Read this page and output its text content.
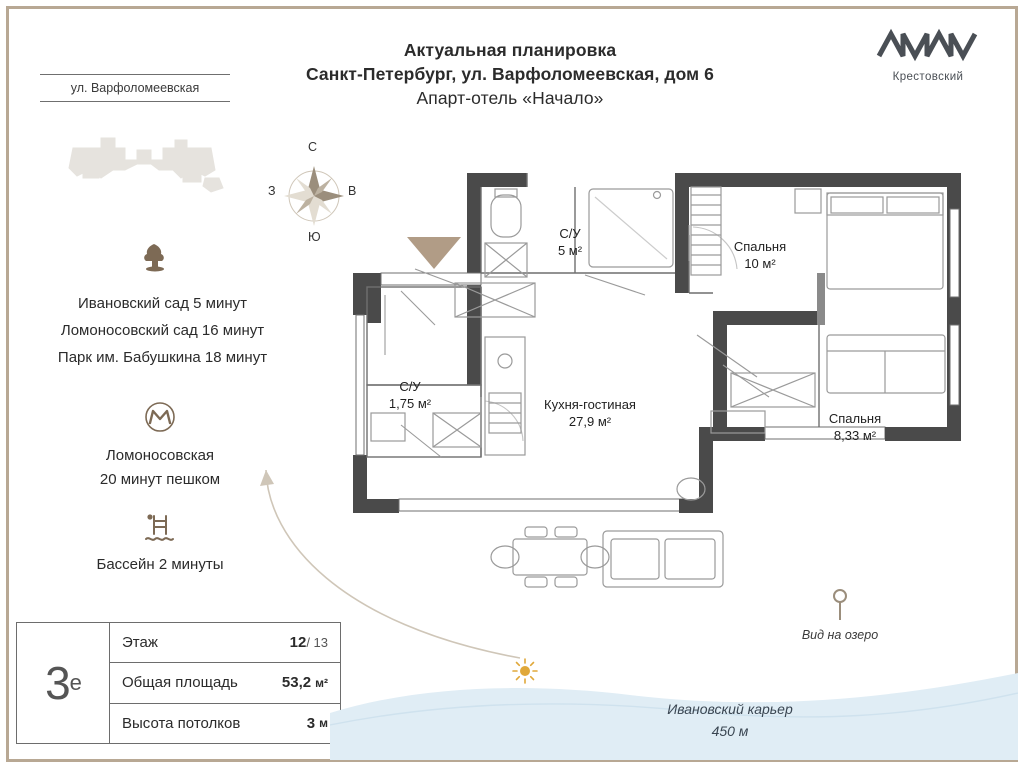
Актуальная планировка
Санкт-Петербург, ул. Варфоломеевская, дом 6
Апарт-отель «Начало»
Крестовский
ул. Варфоломеевская
Ивановский сад 5 минут
Ломоносовский сад 16 минут
Парк им. Бабушкина 18 минут
Ломоносовская
20 минут пешком
Бассейн 2 минуты
3 е
Этаж	12 / 13
Общая площадь	53,2 м²
Высота потолков	3 м
С
Ю
З	В
С/У
5 м²	Спальня
10 м²
С/У
1,75 м²	Кухня-гостиная
27,9 м²	Спальня
8,33 м²
Вид на озеро
Ивановский карьер
450 м
